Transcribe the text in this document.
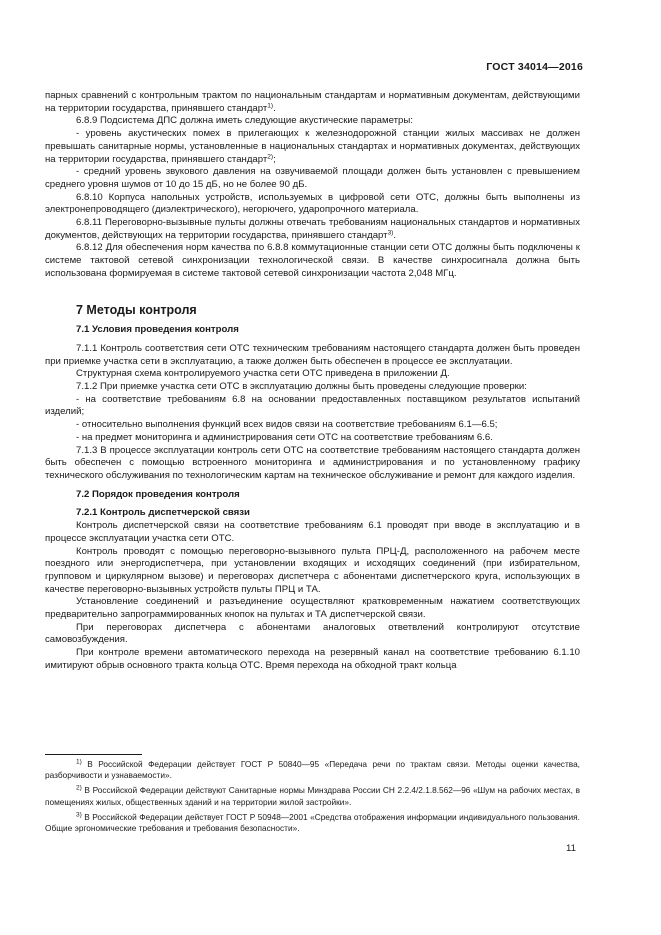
ГОСТ 34014—2016

парных сравнений с контрольным трактом по национальным стандартам и нормативным документам, действующими на территории государства, принявшего стандарт$^{1)}$.

6.8.9 Подсистема ДПС должна иметь следующие акустические параметры:

- уровень акустических помех в прилегающих к железнодорожной станции жилых массивах не должен превышать санитарные нормы, установленные в национальных стандартах и нормативных документах, действующих на территории государства, принявшего стандарт$^{2)}$;

- средний уровень звукового давления на озвучиваемой площади должен быть установлен с превышением среднего уровня шумов от 10 до 15 дБ, но не более 90 дБ.

6.8.10 Корпуса напольных устройств, используемых в цифровой сети ОТС, должны быть выполнены из электронепроводящего (диэлектрического), негорючего, ударопрочного материала.

6.8.11 Переговорно-вызывные пульты должны отвечать требованиям национальных стандартов и нормативных документов, действующих на территории государства, принявшего стандарт$^{3)}$.

6.8.12 Для обеспечения норм качества по 6.8.8 коммутационные станции сети ОТС должны быть подключены к системе тактовой сетевой синхронизации технологической связи. В качестве синхросигнала должна быть использована формируемая в системе тактовой сетевой синхронизации частота 2,048 МГц.

7 Методы контроля

7.1 Условия проведения контроля

7.1.1 Контроль соответствия сети ОТС техническим требованиям настоящего стандарта должен быть проведен при приемке участка сети в эксплуатацию, а также должен быть обеспечен в процессе ее эксплуатации.

Структурная схема контролируемого участка сети ОТС приведена в приложении Д.

7.1.2 При приемке участка сети ОТС в эксплуатацию должны быть проведены следующие проверки:

- на соответствие требованиям 6.8 на основании предоставленных поставщиком результатов испытаний изделий;

- относительно выполнения функций всех видов связи на соответствие требованиям 6.1—6.5;

- на предмет мониторинга и администрирования сети ОТС на соответствие требованиям 6.6.

7.1.3 В процессе эксплуатации контроль сети ОТС на соответствие требованиям настоящего стандарта должен быть обеспечен с помощью встроенного мониторинга и администрирования и по установленному графику технического обслуживания по технологическим картам на техническое обслуживание и ремонт для каждого изделия.

7.2 Порядок проведения контроля

7.2.1 Контроль диспетчерской связи

Контроль диспетчерской связи на соответствие требованиям 6.1 проводят при вводе в эксплуатацию и в процессе эксплуатации участка сети ОТС.

Контроль проводят с помощью переговорно-вызывного пульта ПРЦ-Д, расположенного на рабочем месте поездного или энергодиспетчера, при установлении входящих и исходящих соединений (при избирательном, групповом и циркулярном вызове) и переговорах диспетчера с абонентами диспетчерского круга, использующих в качестве переговорно-вызывных устройств пульты ПРЦ и ТА.

Установление соединений и разъединение осуществляют кратковременным нажатием соответствующих предварительно запрограммированных кнопок на пультах и ТА диспетчерской связи.

При переговорах диспетчера с абонентами аналоговых ответвлений контролируют отсутствие самовозбуждения.

При контроле времени автоматического перехода на резервный канал на соответствие требованию 6.1.10 имитируют обрыв основного тракта кольца ОТС. Время перехода на обходной тракт кольца

$^{1)}$ В Российской Федерации действует ГОСТ Р 50840—95 «Передача речи по трактам связи. Методы оценки качества, разборчивости и узнаваемости».

$^{2)}$ В Российской Федерации действуют Санитарные нормы Минздрава России СН 2.2.4/2.1.8.562—96 «Шум на рабочих местах, в помещениях жилых, общественных зданий и на территории жилой застройки».

$^{3)}$ В Российской Федерации действует ГОСТ Р 50948—2001 «Средства отображения информации индивидуального пользования. Общие эргономические требования и требования безопасности».

11
